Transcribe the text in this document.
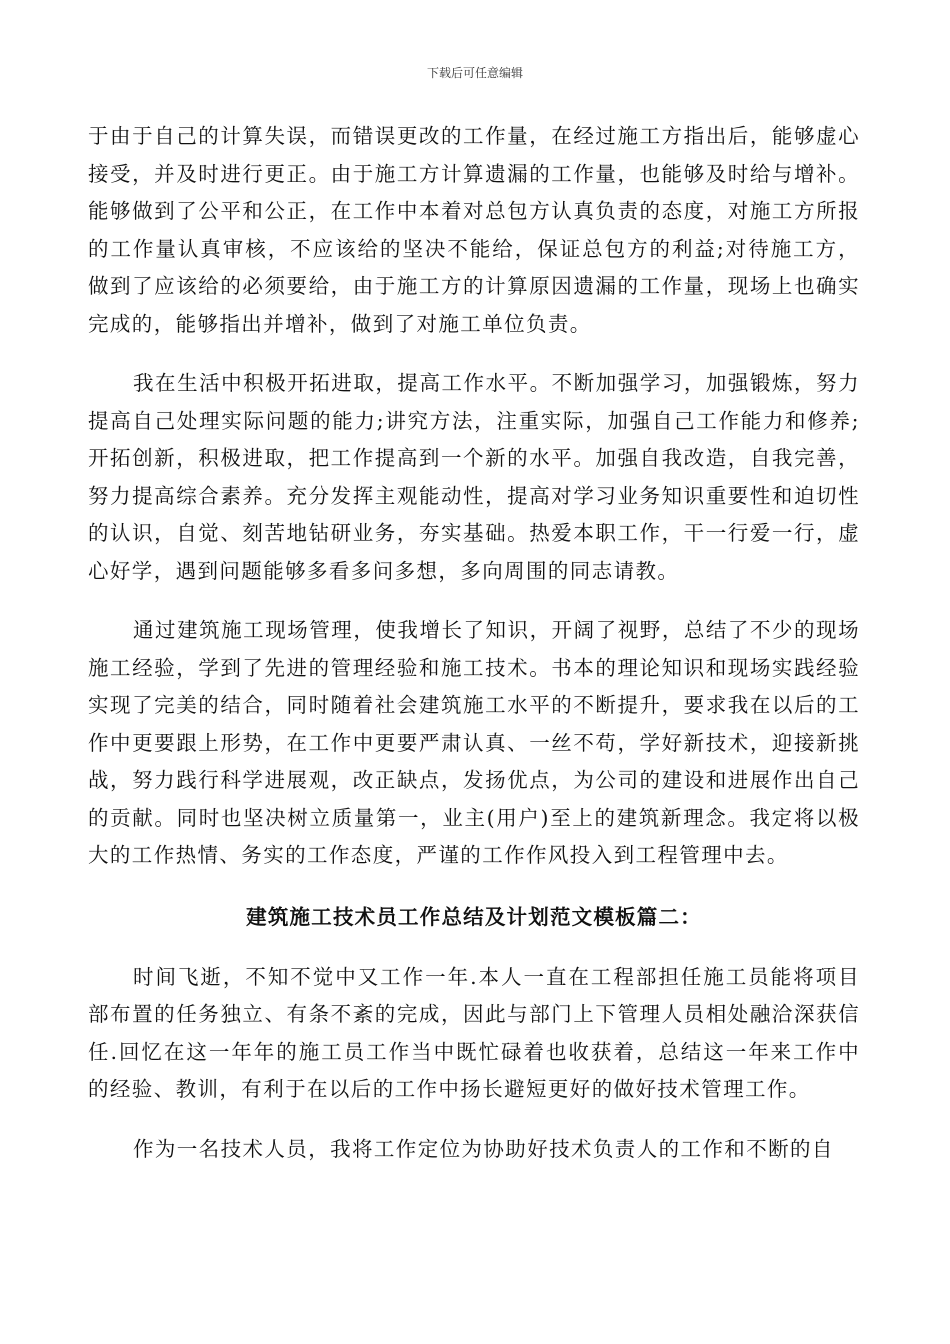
下载后可任意编辑

于由于自己的计算失误，而错误更改的工作量，在经过施工方指出后，能够虚心接受，并及时进行更正。由于施工方计算遗漏的工作量，也能够及时给与增补。能够做到了公平和公正，在工作中本着对总包方认真负责的态度，对施工方所报的工作量认真审核，不应该给的坚决不能给，保证总包方的利益;对待施工方，做到了应该给的必须要给，由于施工方的计算原因遗漏的工作量，现场上也确实完成的，能够指出并增补，做到了对施工单位负责。

我在生活中积极开拓进取，提高工作水平。不断加强学习，加强锻炼，努力提高自己处理实际问题的能力;讲究方法，注重实际，加强自己工作能力和修养;开拓创新，积极进取，把工作提高到一个新的水平。加强自我改造，自我完善，努力提高综合素养。充分发挥主观能动性，提高对学习业务知识重要性和迫切性的认识，自觉、刻苦地钻研业务，夯实基础。热爱本职工作，干一行爱一行，虚心好学，遇到问题能够多看多问多想，多向周围的同志请教。

通过建筑施工现场管理，使我增长了知识，开阔了视野，总结了不少的现场施工经验，学到了先进的管理经验和施工技术。书本的理论知识和现场实践经验实现了完美的结合，同时随着社会建筑施工水平的不断提升，要求我在以后的工作中更要跟上形势，在工作中更要严肃认真、一丝不苟，学好新技术，迎接新挑战，努力践行科学进展观，改正缺点，发扬优点，为公司的建设和进展作出自己的贡献。同时也坚决树立质量第一，业主(用户)至上的建筑新理念。我定将以极大的工作热情、务实的工作态度，严谨的工作作风投入到工程管理中去。

建筑施工技术员工作总结及计划范文模板篇二：

时间飞逝，不知不觉中又工作一年.本人一直在工程部担任施工员能将项目部布置的任务独立、有条不紊的完成，因此与部门上下管理人员相处融洽深获信任.回忆在这一年年的施工员工作当中既忙碌着也收获着，总结这一年来工作中的经验、教训，有利于在以后的工作中扬长避短更好的做好技术管理工作。

作为一名技术人员，我将工作定位为协助好技术负责人的工作和不断的自
